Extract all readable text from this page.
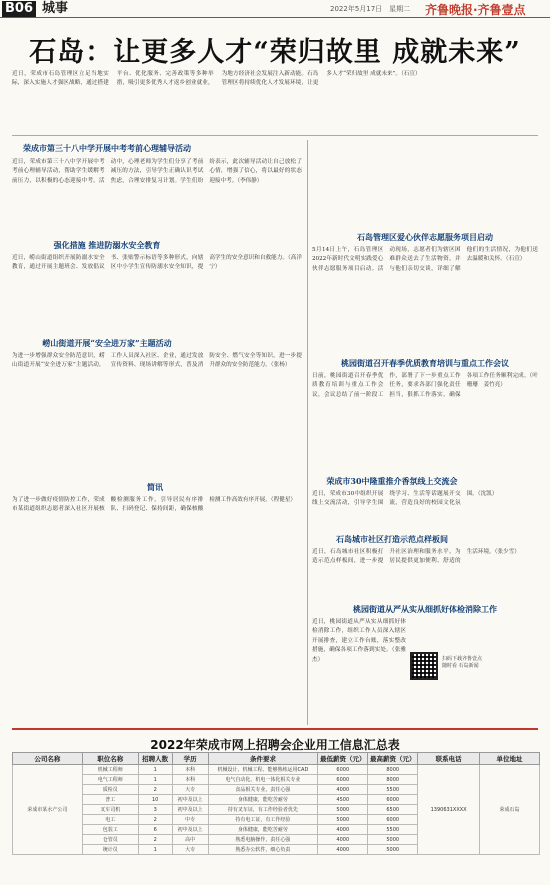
B06 城事	2022年5月17日　星期二 齐鲁晚报·齐鲁壹点
石岛：让更多人才“荣归故里 成就未来”
近日，荣成市石岛管理区立足当地实际，深入实施人才强区战略，通过搭建平台、优化服务、完善政策等多种举措，吸引更多优秀人才返乡创业就业，为地方经济社会发展注入新动能。石岛管理区将持续优化人才发展环境，让更多人才“荣归故里 成就未来”。（石宣）
荣成市第三十八中学开展中考考前心理辅导活动
近日，荣成市第三十八中学开展中考考前心理辅导活动，帮助学生缓解考前压力，以积极的心态迎接中考。活动中，心理老师为学生们分享了考前减压的方法，引导学生正确认识考试焦虑，合理安排复习计划。学生们纷纷表示，此次辅导活动让自己放松了心情，增强了信心，将以最好的状态迎接中考。（李伟静）
强化措施 推进防溺水安全教育
近日，崂山街道组织开展防溺水安全教育，通过开展主题班会、发放倡议书、张贴警示标语等多种形式，向辖区中小学生宣传防溺水安全知识，提高学生的安全意识和自救能力。（高洋宁）
崂山街道开展“安全进万家”主题活动
为进一步增强群众安全防范意识，崂山街道开展“安全进万家”主题活动，工作人员深入社区、企业，通过发放宣传资料、现场讲解等形式，普及消防安全、燃气安全等知识，进一步提升群众的安全防范能力。（张杨）
简讯
为了进一步做好疫情防控工作，荣成市某街道组织志愿者深入社区开展核酸检测服务工作，引导居民有序排队、扫码登记、保持间距，确保核酸检测工作高效有序开展。（程健星）
石岛管理区爱心伙伴志愿服务项目启动
5月14日上午，石岛管理区2022年新时代文明实践爱心伙伴志愿服务项目启动。活动现场，志愿者们为辖区困难群众送去了生活物资，并与他们亲切交谈，详细了解他们的生活情况，为他们送去温暖和关怀。（石宣）
桃园街道召开春季优质教育培训与重点工作会议
日前，桃园街道召开春季优质教育培训与重点工作会议，会议总结了前一阶段工作，部署了下一步重点工作任务，要求各部门强化责任担当，狠抓工作落实，确保各项工作任务顺利完成。（叶珊珊　姜竹亮）
荣成市30中隆重推介香氛线上交流会
近日，荣成市30中组织开展线上交流活动，引导学生围绕学习、生活等话题展开交流，营造良好的校园文化氛围。（沈凯）
石岛城市社区打造示范点样板间
近日，石岛城市社区积极打造示范点样板间，进一步提升社区治理和服务水平，为居民提供更加便利、舒适的生活环境。（张少雪）
桃园街道从严从实从细抓好体检消除工作
近日，桃园街道从严从实从细抓好体检消除工作，组织工作人员深入辖区开展排查，建立工作台账，落实整改措施，确保各项工作落到实处。（张雅杰）	扫码下载齐鲁壹点
随时看 石岛新闻
2022年荣成市网上招聘会企业用工信息汇总表
公司名称	职位名称	招聘人数	学历	条件要求	最低薪资（元）	最高薪资（元）	联系电话	单位地址
荣成市某水产公司	机械工程师	1	本科	机械设计、机械工程、能够熟练运用CAD	6000	8000	1390631XXXX	荣成石岛
	电气工程师	1	本科	电气自动化、机电一体化相关专业	6000	8000		
	质检员	2	大专	食品相关专业，责任心强	4000	5500		
	普工	10	初中及以上	身体健康，能吃苦耐劳	4500	6000		
	叉车司机	3	初中及以上	持有叉车证，有工作经验者优先	5000	6500		
	电工	2	中专	持有电工证，有工作经验	5000	6000		
	包装工	6	初中及以上	身体健康，能吃苦耐劳	4000	5500		
	仓管员	2	高中	熟悉电脑操作，责任心强	4000	5000		
	统计员	1	大专	熟悉办公软件，细心负责	4000	5000		
